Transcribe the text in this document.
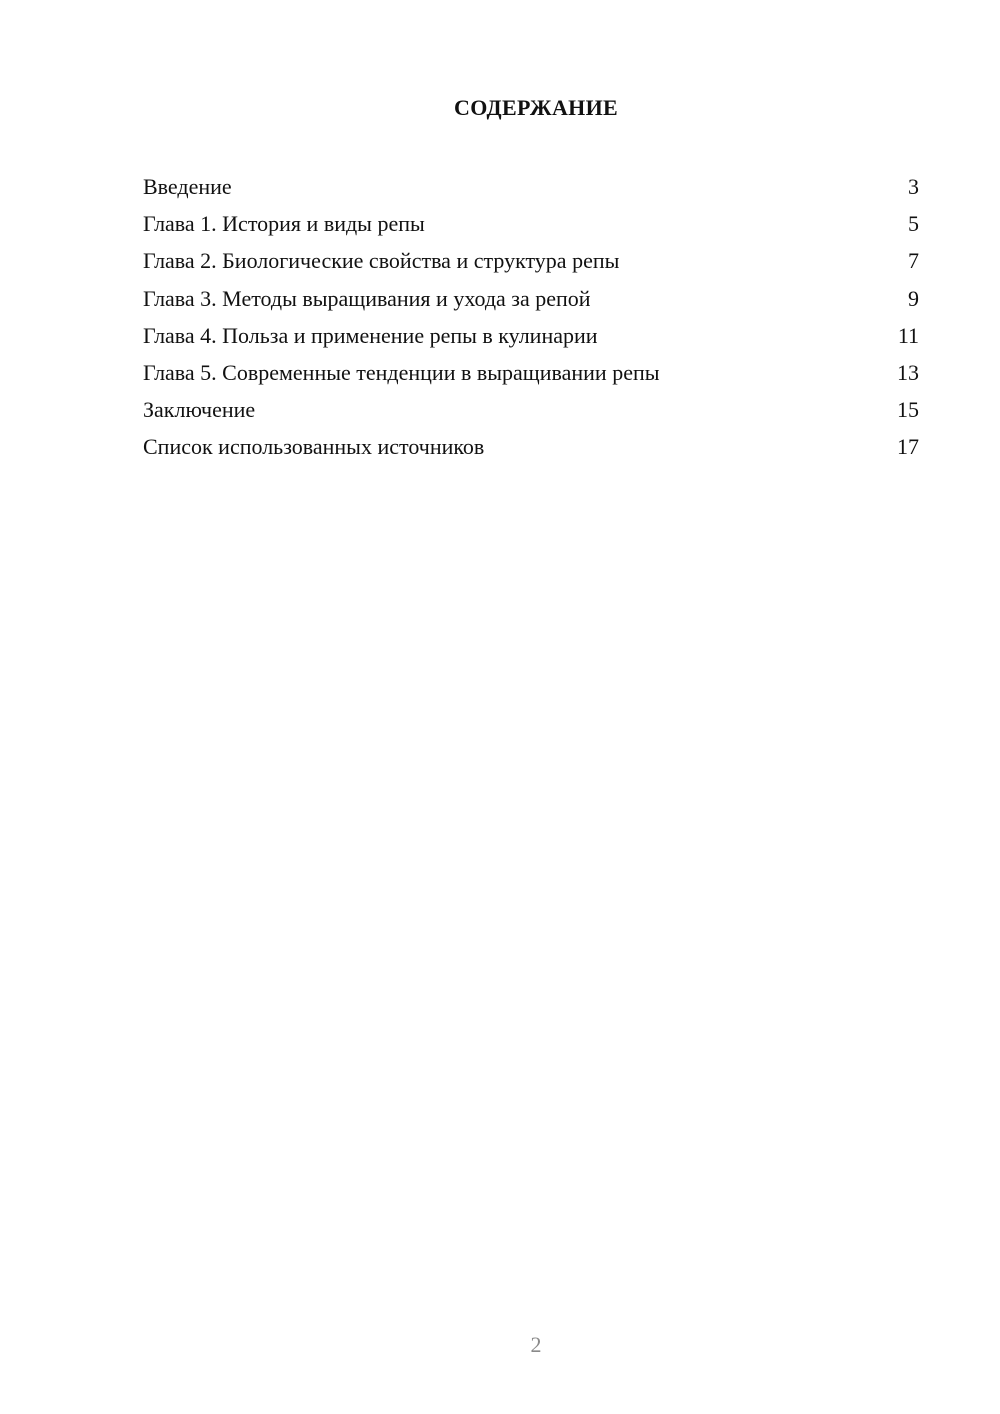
СОДЕРЖАНИЕ
Введение	3
Глава 1. История и виды репы	5
Глава 2. Биологические свойства и структура репы	7
Глава 3. Методы выращивания и ухода за репой	9
Глава 4. Польза и применение репы в кулинарии	11
Глава 5. Современные тенденции в выращивании репы	13
Заключение	15
Список использованных источников	17
2
